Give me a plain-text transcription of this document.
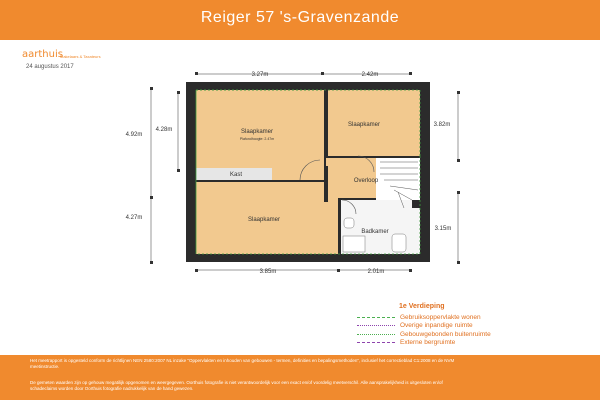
Reiger 57 's-Gravenzande
aarthuis
Makelaars & Taxateurs
24 augustus 2017
3.27m	2.42m
4.92m
4.28m
4.27m
3.82m
3.15m
3.85m	2.01m
Slaapkamer
Plafondhoogte: 2.47m
Slaapkamer
Slaapkamer
Kast
Overloop
Badkamer
1e Verdieping
Gebruiksoppervlakte wonen
Overige inpandige ruimte
Gebouwgebonden buitenruimte
Externe bergruimte
Het meetrapport is opgesteld conform de richtlijnen NEN 2580:2007 NL inzake "Oppervlakten en inhouden van gebouwen - termen, definities en bepalingsmethoden", inclusief het correctieblad C1:2008 en de NVM meetinstructie.
De gemeten waarden zijn op gehouw megatilijk opgenomen en weergegeven. Oorthuis fotografie is niet verantwoordelijk voor een exact en/of voordelig meetverschil. Alle aansprakelijkheid is uitgesloten en/of schadeclaims worden door Oorthuis fotografie nadrukkelijk van de hand gewezen.
